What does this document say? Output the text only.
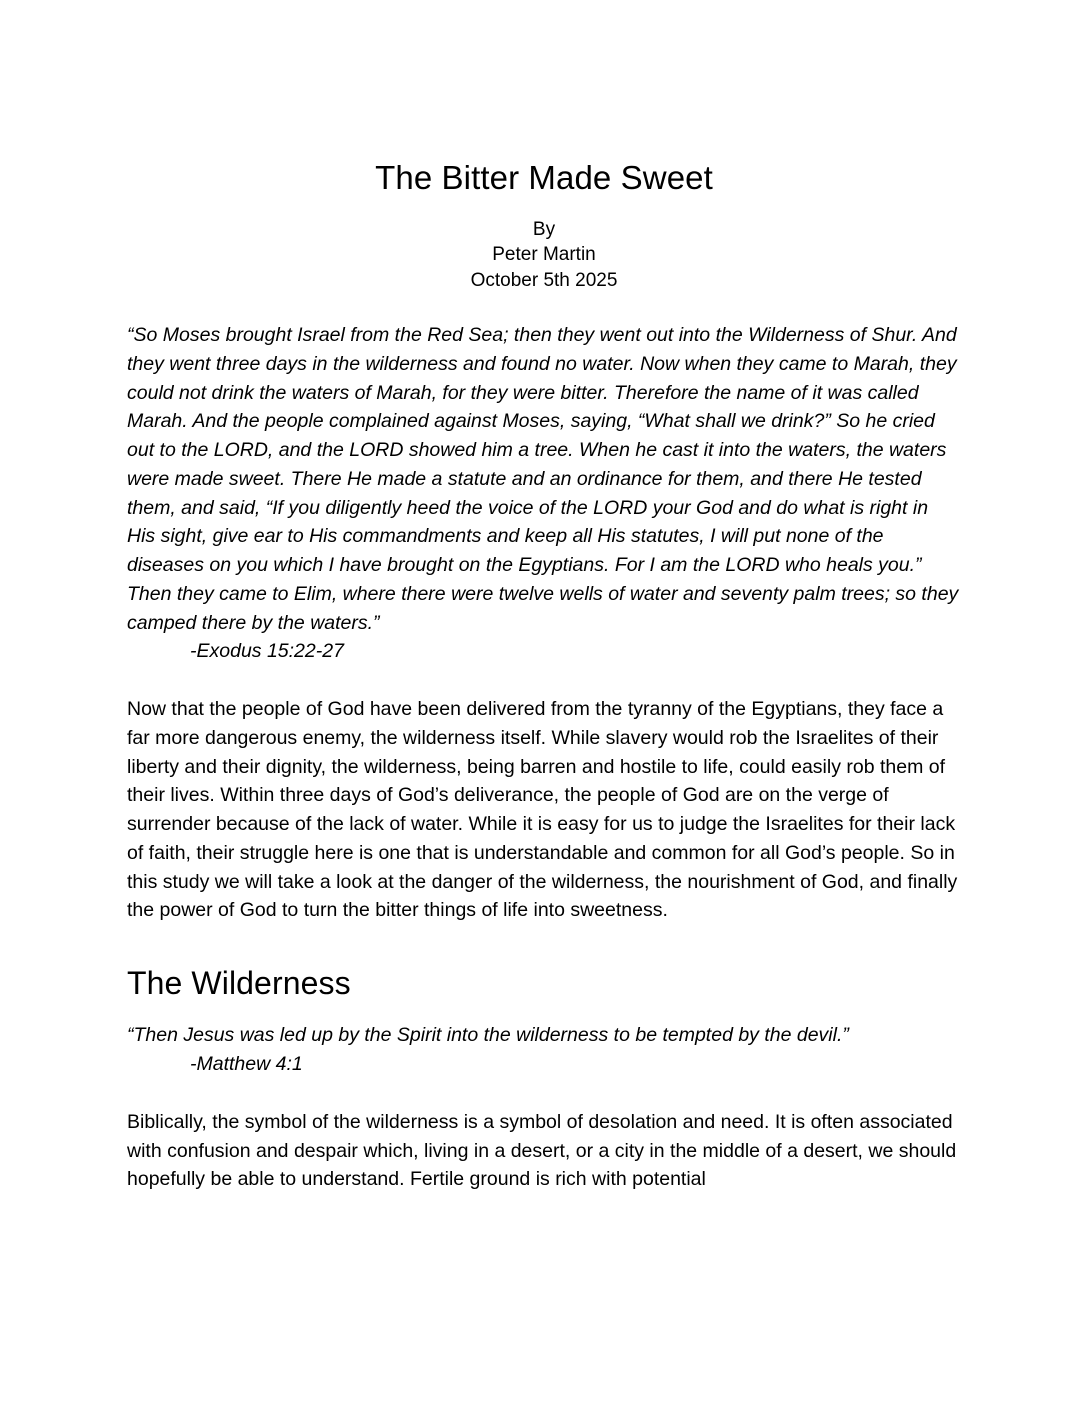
The Bitter Made Sweet
By
Peter Martin
October 5th 2025

“So Moses brought Israel from the Red Sea; then they went out into the Wilderness of Shur. And they went three days in the wilderness and found no water. Now when they came to Marah, they could not drink the waters of Marah, for they were bitter. Therefore the name of it was called Marah. And the people complained against Moses, saying, “What shall we drink?” So he cried out to the LORD, and the LORD showed him a tree. When he cast it into the waters, the waters were made sweet. There He made a statute and an ordinance for them, and there He tested them, and said, “If you diligently heed the voice of the LORD your God and do what is right in His sight, give ear to His commandments and keep all His statutes, I will put none of the diseases on you which I have brought on the Egyptians. For I am the LORD who heals you.” Then they came to Elim, where there were twelve wells of water and seventy palm trees; so they camped there by the waters.”

-Exodus 15:22-27

Now that the people of God have been delivered from the tyranny of the Egyptians, they face a far more dangerous enemy, the wilderness itself. While slavery would rob the Israelites of their liberty and their dignity, the wilderness, being barren and hostile to life, could easily rob them of their lives. Within three days of God’s deliverance, the people of God are on the verge of surrender because of the lack of water. While it is easy for us to judge the Israelites for their lack of faith, their struggle here is one that is understandable and common for all God’s people. So in this study we will take a look at the danger of the wilderness, the nourishment of God, and finally the power of God to turn the bitter things of life into sweetness.

The Wilderness

“Then Jesus was led up by the Spirit into the wilderness to be tempted by the devil.”

-Matthew 4:1

Biblically, the symbol of the wilderness is a symbol of desolation and need. It is often associated with confusion and despair which, living in a desert, or a city in the middle of a desert, we should hopefully be able to understand. Fertile ground is rich with potential
